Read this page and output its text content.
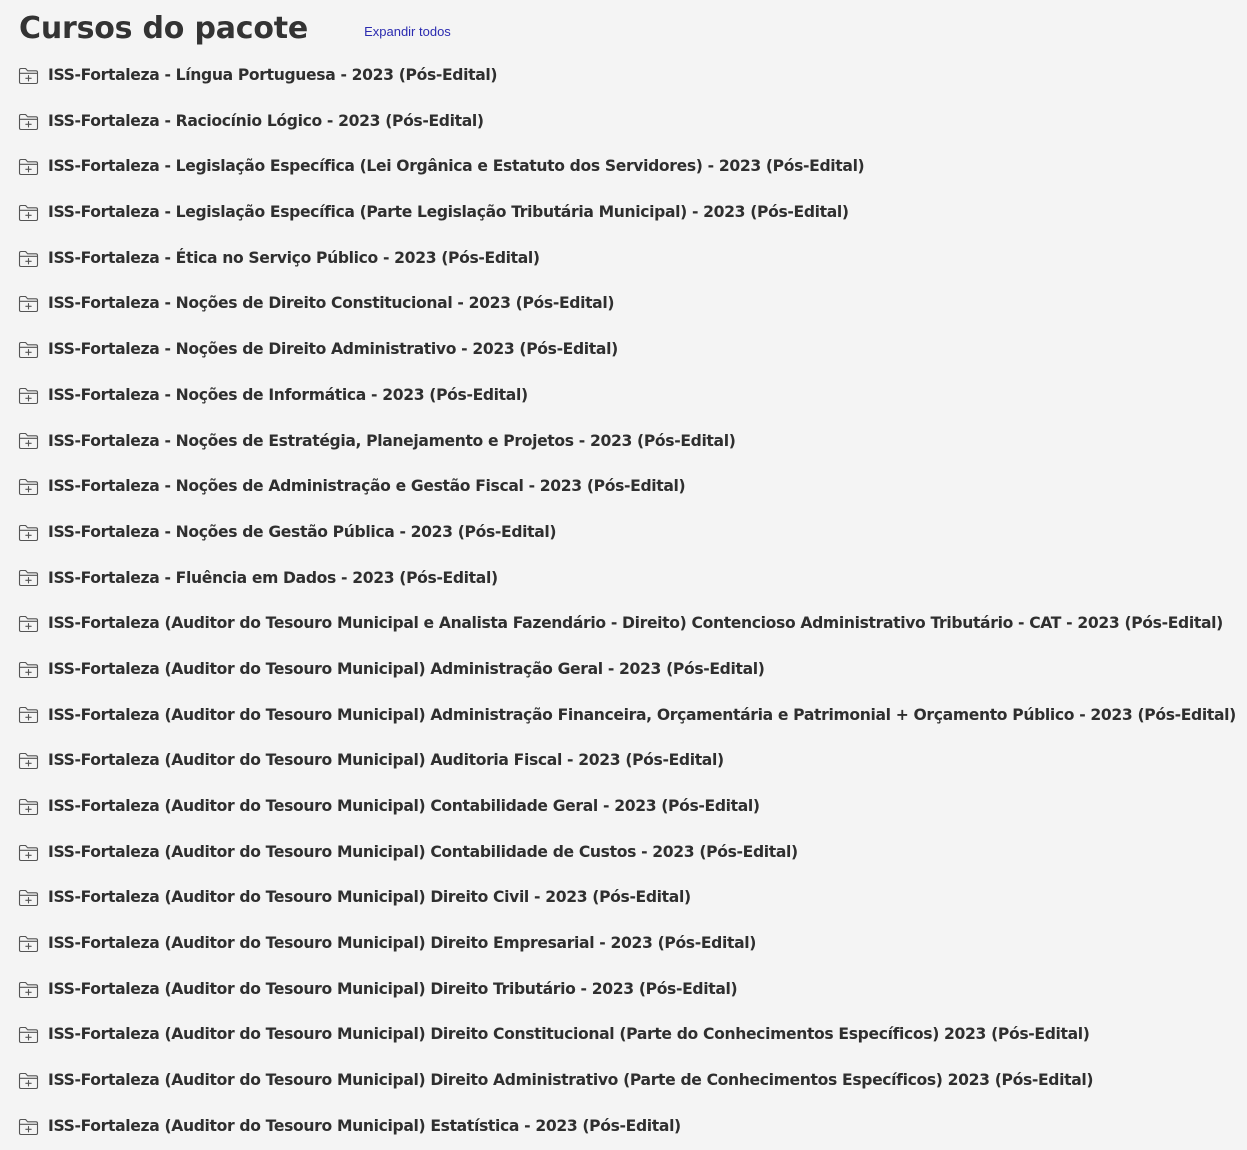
Cursos do pacote	Expandir todos
ISS-Fortaleza - Língua Portuguesa - 2023 (Pós-Edital)
ISS-Fortaleza - Raciocínio Lógico - 2023 (Pós-Edital)
ISS-Fortaleza - Legislação Específica (Lei Orgânica e Estatuto dos Servidores) - 2023 (Pós-Edital)
ISS-Fortaleza - Legislação Específica (Parte Legislação Tributária Municipal) - 2023 (Pós-Edital)
ISS-Fortaleza - Ética no Serviço Público - 2023 (Pós-Edital)
ISS-Fortaleza - Noções de Direito Constitucional - 2023 (Pós-Edital)
ISS-Fortaleza - Noções de Direito Administrativo - 2023 (Pós-Edital)
ISS-Fortaleza - Noções de Informática - 2023 (Pós-Edital)
ISS-Fortaleza - Noções de Estratégia, Planejamento e Projetos - 2023 (Pós-Edital)
ISS-Fortaleza - Noções de Administração e Gestão Fiscal - 2023 (Pós-Edital)
ISS-Fortaleza - Noções de Gestão Pública - 2023 (Pós-Edital)
ISS-Fortaleza - Fluência em Dados - 2023 (Pós-Edital)
ISS-Fortaleza (Auditor do Tesouro Municipal e Analista Fazendário - Direito) Contencioso Administrativo Tributário - CAT - 2023 (Pós-Edital)
ISS-Fortaleza (Auditor do Tesouro Municipal) Administração Geral - 2023 (Pós-Edital)
ISS-Fortaleza (Auditor do Tesouro Municipal) Administração Financeira, Orçamentária e Patrimonial + Orçamento Público - 2023 (Pós-Edital)
ISS-Fortaleza (Auditor do Tesouro Municipal) Auditoria Fiscal - 2023 (Pós-Edital)
ISS-Fortaleza (Auditor do Tesouro Municipal) Contabilidade Geral - 2023 (Pós-Edital)
ISS-Fortaleza (Auditor do Tesouro Municipal) Contabilidade de Custos - 2023 (Pós-Edital)
ISS-Fortaleza (Auditor do Tesouro Municipal) Direito Civil - 2023 (Pós-Edital)
ISS-Fortaleza (Auditor do Tesouro Municipal) Direito Empresarial - 2023 (Pós-Edital)
ISS-Fortaleza (Auditor do Tesouro Municipal) Direito Tributário - 2023 (Pós-Edital)
ISS-Fortaleza (Auditor do Tesouro Municipal) Direito Constitucional (Parte do Conhecimentos Específicos) 2023 (Pós-Edital)
ISS-Fortaleza (Auditor do Tesouro Municipal) Direito Administrativo (Parte de Conhecimentos Específicos) 2023 (Pós-Edital)
ISS-Fortaleza (Auditor do Tesouro Municipal) Estatística - 2023 (Pós-Edital)
